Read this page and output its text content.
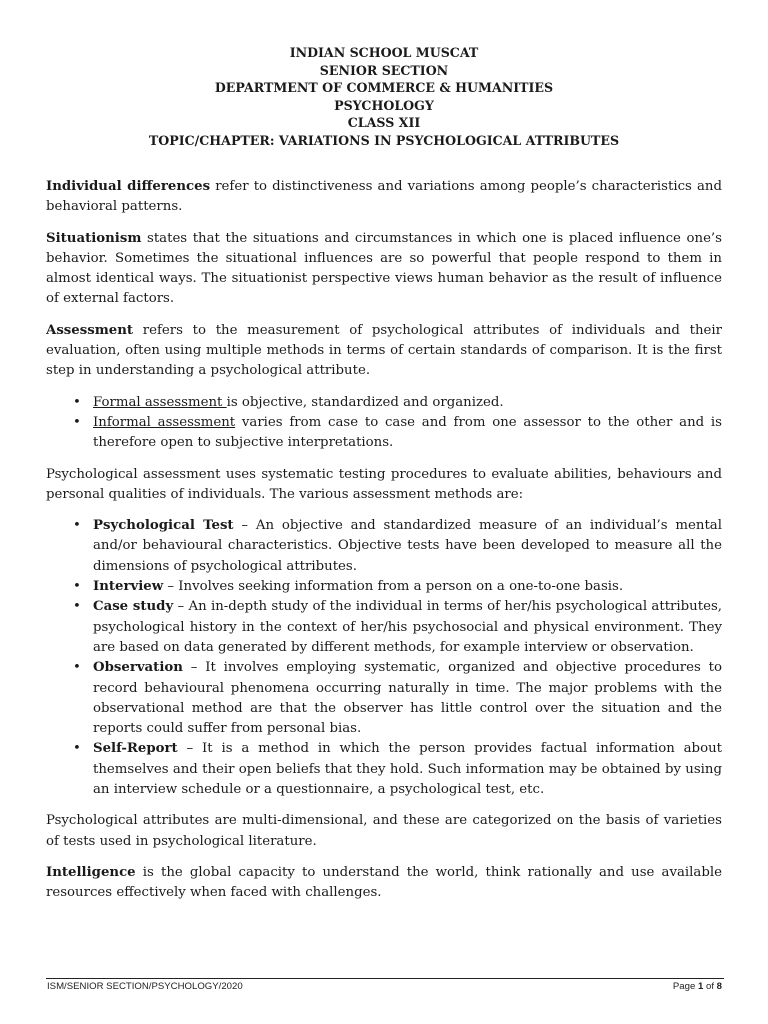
INDIAN SCHOOL MUSCAT
SENIOR SECTION
DEPARTMENT OF COMMERCE & HUMANITIES
PSYCHOLOGY
CLASS XII
TOPIC/CHAPTER: VARIATIONS IN PSYCHOLOGICAL ATTRIBUTES

Individual differences refer to distinctiveness and variations among people’s characteristics and behavioral patterns.

Situationism states that the situations and circumstances in which one is placed influence one’s behavior. Sometimes the situational influences are so powerful that people respond to them in almost identical ways. The situationist perspective views human behavior as the result of influence of external factors.

Assessment refers to the measurement of psychological attributes of individuals and their evaluation, often using multiple methods in terms of certain standards of comparison. It is the first step in understanding a psychological attribute.

• Formal assessment is objective, standardized and organized.
• Informal assessment varies from case to case and from one assessor to the other and is therefore open to subjective interpretations.

Psychological assessment uses systematic testing procedures to evaluate abilities, behaviours and personal qualities of individuals. The various assessment methods are:

• Psychological Test – An objective and standardized measure of an individual’s mental and/or behavioural characteristics. Objective tests have been developed to measure all the dimensions of psychological attributes.
• Interview – Involves seeking information from a person on a one-to-one basis.
• Case study – An in-depth study of the individual in terms of her/his psychological attributes, psychological history in the context of her/his psychosocial and physical environment. They are based on data generated by different methods, for example interview or observation.
• Observation – It involves employing systematic, organized and objective procedures to record behavioural phenomena occurring naturally in time. The major problems with the observational method are that the observer has little control over the situation and the reports could suffer from personal bias.
• Self-Report – It is a method in which the person provides factual information about themselves and their open beliefs that they hold. Such information may be obtained by using an interview schedule or a questionnaire, a psychological test, etc.

Psychological attributes are multi-dimensional, and these are categorized on the basis of varieties of tests used in psychological literature.

Intelligence is the global capacity to understand the world, think rationally and use available resources effectively when faced with challenges.

ISM/SENIOR SECTION/PSYCHOLOGY/2020	Page 1 of 8
